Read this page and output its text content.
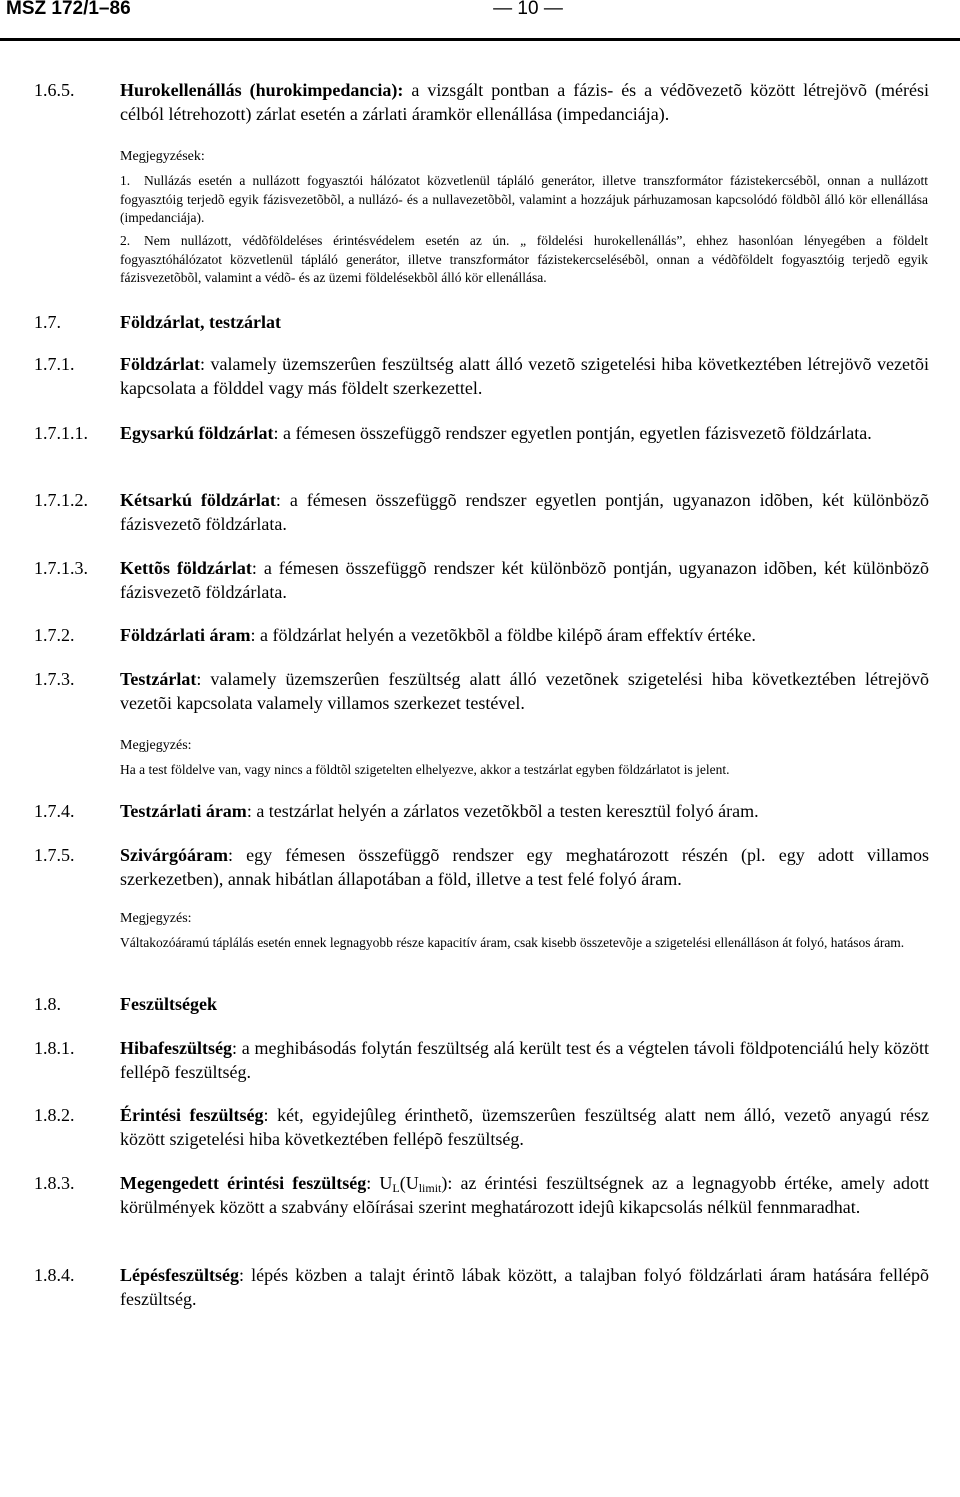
MSZ 172/1–86	— 10 —
1.6.5.	Hurokellenállás (hurokimpedancia): a vizsgált pontban a fázis- és a védõvezetõ között létrejövõ (mérési célból létrehozott) zárlat esetén a zárlati áramkör ellenállása (impedanciája).
Megjegyzések:
1. Nullázás esetén a nullázott fogyasztói hálózatot közvetlenül tápláló generátor, illetve transzformátor fázistekercsébõl, onnan a nullázott fogyasztóig terjedõ egyik fázisvezetõbõl, a nullázó- és a nullavezetõbõl, valamint a hozzájuk párhuzamosan kapcsolódó földbõl álló kör ellenállása (impedanciája).
2. Nem nullázott, védõföldeléses érintésvédelem esetén az ún. „ földelési hurokellenállás”, ehhez hasonlóan lényegében a földelt fogyasztóhálózatot közvetlenül tápláló generátor, illetve transzformátor fázistekercselésébõl, onnan a védõföldelt fogyasztóig terjedõ egyik fázisvezetõbõl, valamint a védõ- és az üzemi földelésekbõl álló kör ellenállása.
1.7.	Földzárlat, testzárlat
1.7.1.	Földzárlat: valamely üzemszerûen feszültség alatt álló vezetõ szigetelési hiba következtében létrejövõ vezetõi kapcsolata a földdel vagy más földelt szerkezettel.
1.7.1.1. Egysarkú földzárlat: a fémesen összefüggõ rendszer egyetlen pontján, egyetlen fázisvezetõ földzárlata.
1.7.1.2. Kétsarkú földzárlat: a fémesen összefüggõ rendszer egyetlen pontján, ugyanazon idõben, két különbözõ fázisvezetõ földzárlata.
1.7.1.3. Kettõs földzárlat: a fémesen összefüggõ rendszer két különbözõ pontján, ugyanazon idõben, két különbözõ fázisvezetõ földzárlata.
1.7.2.	Földzárlati áram: a földzárlat helyén a vezetõkbõl a földbe kilépõ áram effektív értéke.
1.7.3.	Testzárlat: valamely üzemszerûen feszültség alatt álló vezetõnek szigetelési hiba következtében létrejövõ vezetõi kapcsolata valamely villamos szerkezet testével.
Megjegyzés:
Ha a test földelve van, vagy nincs a földtõl szigetelten elhelyezve, akkor a testzárlat egyben földzárlatot is jelent.
1.7.4.	Testzárlati áram: a testzárlat helyén a zárlatos vezetõkbõl a testen keresztül folyó áram.
1.7.5.	Szivárgóáram: egy fémesen összefüggõ rendszer egy meghatározott részén (pl. egy adott villamos szerkezetben), annak hibátlan állapotában a föld, illetve a test felé folyó áram.
Megjegyzés:
Váltakozóáramú táplálás esetén ennek legnagyobb része kapacitív áram, csak kisebb összetevõje a szigetelési ellenálláson át folyó, hatásos áram.
1.8.	Feszültségek
1.8.1.	Hibafeszültség: a meghibásodás folytán feszültség alá került test és a végtelen távoli földpotenciálú hely között fellépõ feszültség.
1.8.2.	Érintési feszültség: két, egyidejûleg érinthetõ, üzemszerûen feszültség alatt nem álló, vezetõ anyagú rész között szigetelési hiba következtében fellépõ feszültség.
1.8.3.	Megengedett érintési feszültség: $U_L(U_{limit})$: az érintési feszültségnek az a legnagyobb értéke, amely adott körülmények között a szabvány elõírásai szerint meghatározott idejû kikapcsolás nélkül fennmaradhat.
1.8.4.	Lépésfeszültség: lépés közben a talajt érintõ lábak között, a talajban folyó földzárlati áram hatására fellépõ feszültség.
